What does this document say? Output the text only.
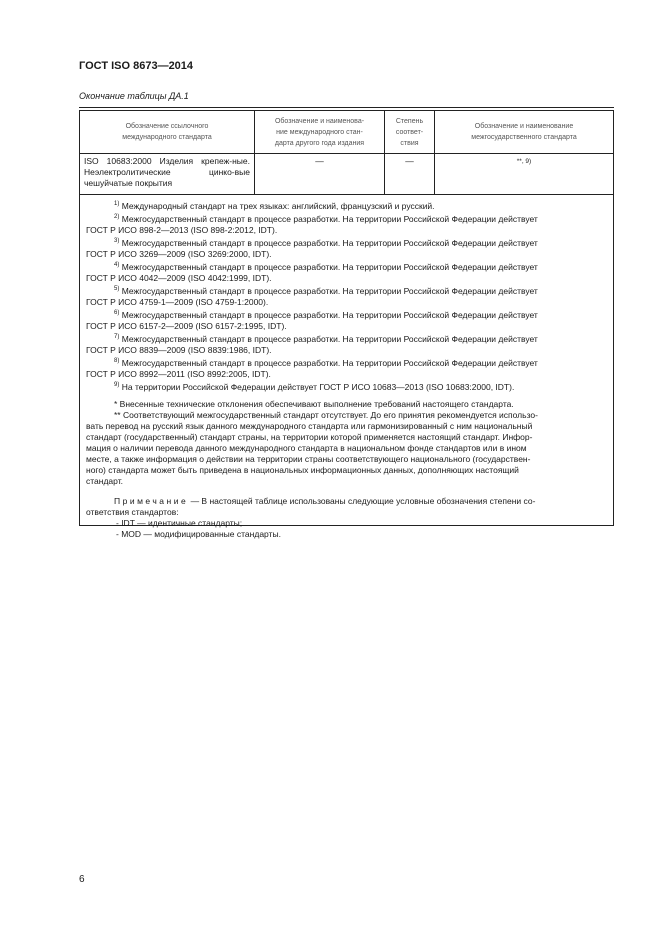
ГОСТ ISO 8673—2014
Окончание таблицы ДА.1
Обозначение ссылочного
международного стандарта
Обозначение и наименова-
ние международного стан-
дарта другого года издания
Степень
соответ-
ствия
Обозначение и наименование
межгосударственного стандарта
ISO 10683:2000 Изделия крепеж-ные. Неэлектролитические цинко-вые чешуйчатые покрытия
—	—	**, 9)
$^{1)}$ Международный стандарт на трех языках: английский, французский и русский.
$^{2)}$ Межгосударственный стандарт в процессе разработки. На территории Российской Федерации действует
ГОСТ Р ИСО 898-2—2013 (ISO 898-2:2012, IDT).
$^{3)}$ Межгосударственный стандарт в процессе разработки. На территории Российской Федерации действует
ГОСТ Р ИСО 3269—2009 (ISO 3269:2000, IDT).
$^{4)}$ Межгосударственный стандарт в процессе разработки. На территории Российской Федерации действует
ГОСТ Р ИСО 4042—2009 (ISO 4042:1999, IDT).
$^{5)}$ Межгосударственный стандарт в процессе разработки. На территории Российской Федерации действует
ГОСТ Р ИСО 4759-1—2009 (ISO 4759-1:2000).
$^{6)}$ Межгосударственный стандарт в процессе разработки. На территории Российской Федерации действует
ГОСТ Р ИСО 6157-2—2009 (ISO 6157-2:1995, IDT).
$^{7)}$ Межгосударственный стандарт в процессе разработки. На территории Российской Федерации действует
ГОСТ Р ИСО 8839—2009 (ISO 8839:1986, IDT).
$^{8)}$ Межгосударственный стандарт в процессе разработки. На территории Российской Федерации действует
ГОСТ Р ИСО 8992—2011 (ISO 8992:2005, IDT).
$^{9)}$ На территории Российской Федерации действует ГОСТ Р ИСО 10683—2013 (ISO 10683:2000, IDT).
* Внесенные технические отклонения обеспечивают выполнение требований настоящего стандарта.
** Соответствующий межгосударственный стандарт отсутствует. До его принятия рекомендуется использо-
вать перевод на русский язык данного международного стандарта или гармонизированный с ним национальный
стандарт (государственный) стандарт страны, на территории которой применяется настоящий стандарт. Инфор-
мация о наличии перевода данного международного стандарта в национальном фонде стандартов или в ином
месте, а также информация о действии на территории страны соответствующего национального (государствен-
ного) стандарта может быть приведена в национальных информационных данных, дополняющих настоящий
стандарт.
Примечание — В настоящей таблице использованы следующие условные обозначения степени со-
ответствия стандартов:
- IDT — идентичные стандарты;
- MOD — модифицированные стандарты.
6
